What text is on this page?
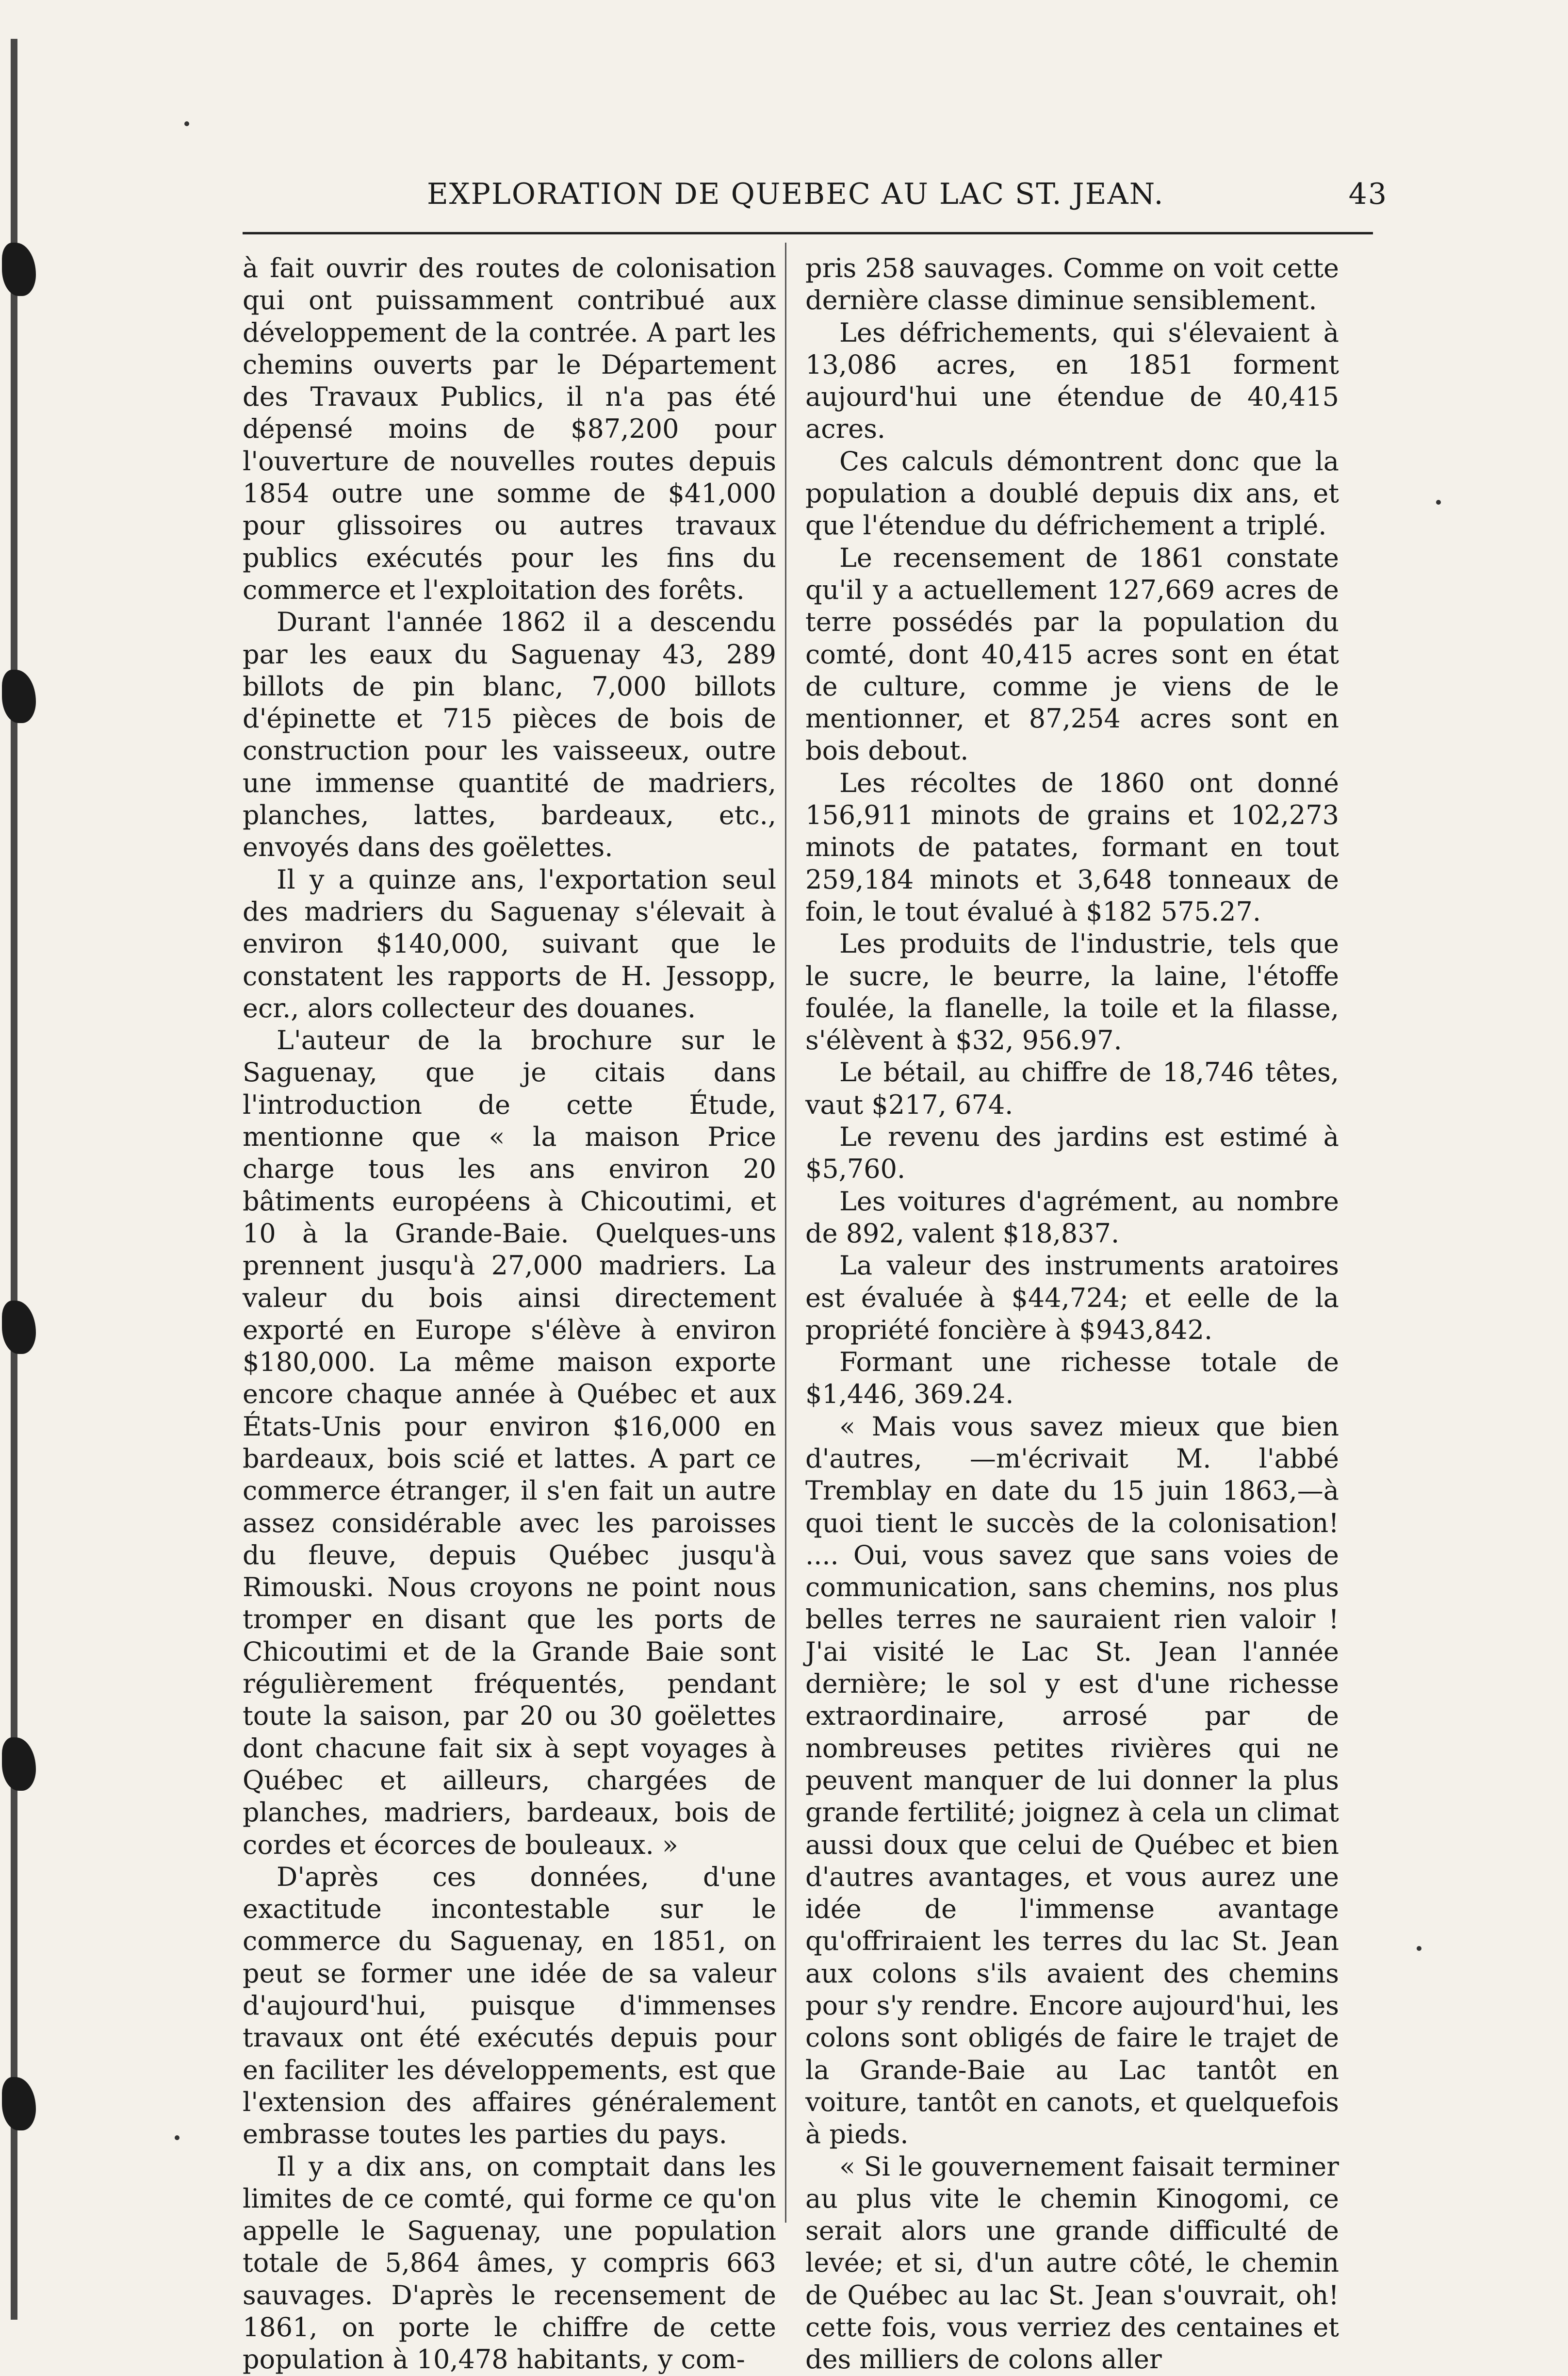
EXPLORATION DE QUEBEC AU LAC ST. JEAN.	43

à fait ouvrir des routes de colonisation qui ont puissamment contribué aux développement de la contrée. A part les chemins ouverts par le Département des Travaux Publics, il n'a pas été dépensé moins de $87,200 pour l'ouverture de nouvelles routes depuis 1854 outre une somme de $41,000 pour glissoires ou autres travaux publics exécutés pour les fins du commerce et l'exploitation des forêts.

Durant l'année 1862 il a descendu par les eaux du Saguenay 43, 289 billots de pin blanc, 7,000 billots d'épinette et 715 pièces de bois de construction pour les vaisseeux, outre une immense quantité de madriers, planches, lattes, bardeaux, etc., envoyés dans des goëlettes.

Il y a quinze ans, l'exportation seul des madriers du Saguenay s'élevait à environ $140,000, suivant que le constatent les rapports de H. Jessopp, ecr., alors collecteur des douanes.

L'auteur de la brochure sur le Saguenay, que je citais dans l'introduction de cette Étude, mentionne que « la maison Price charge tous les ans environ 20 bâtiments européens à Chicoutimi, et 10 à la Grande-Baie. Quelques-uns prennent jusqu'à 27,000 madriers. La valeur du bois ainsi directement exporté en Europe s'élève à environ $180,000. La même maison exporte encore chaque année à Québec et aux États-Unis pour environ $16,000 en bardeaux, bois scié et lattes. A part ce commerce étranger, il s'en fait un autre assez considérable avec les paroisses du fleuve, depuis Québec jusqu'à Rimouski. Nous croyons ne point nous tromper en disant que les ports de Chicoutimi et de la Grande Baie sont régulièrement fréquentés, pendant toute la saison, par 20 ou 30 goëlettes dont chacune fait six à sept voyages à Québec et ailleurs, chargées de planches, madriers, bardeaux, bois de cordes et écorces de bouleaux. »

D'après ces données, d'une exactitude incontestable sur le commerce du Saguenay, en 1851, on peut se former une idée de sa valeur d'aujourd'hui, puisque d'immenses travaux ont été exécutés depuis pour en faciliter les développements, est que l'extension des affaires généralement embrasse toutes les parties du pays.

Il y a dix ans, on comptait dans les limites de ce comté, qui forme ce qu'on appelle le Saguenay, une population totale de 5,864 âmes, y compris 663 sauvages. D'après le recensement de 1861, on porte le chiffre de cette population à 10,478 habitants, y com-

pris 258 sauvages. Comme on voit cette dernière classe diminue sensiblement.

Les défrichements, qui s'élevaient à 13,086 acres, en 1851 forment aujourd'hui une étendue de 40,415 acres.

Ces calculs démontrent donc que la population a doublé depuis dix ans, et que l'étendue du défrichement a triplé.

Le recensement de 1861 constate qu'il y a actuellement 127,669 acres de terre possédés par la population du comté, dont 40,415 acres sont en état de culture, comme je viens de le mentionner, et 87,254 acres sont en bois debout.

Les récoltes de 1860 ont donné 156,911 minots de grains et 102,273 minots de patates, formant en tout 259,184 minots et 3,648 tonneaux de foin, le tout évalué à $182 575.27.

Les produits de l'industrie, tels que le sucre, le beurre, la laine, l'étoffe foulée, la flanelle, la toile et la filasse, s'élèvent à $32, 956.97.

Le bétail, au chiffre de 18,746 têtes, vaut $217, 674.

Le revenu des jardins est estimé à $5,760.

Les voitures d'agrément, au nombre de 892, valent $18,837.

La valeur des instruments aratoires est évaluée à $44,724; et eelle de la propriété foncière à $943,842.

Formant une richesse totale de $1,446, 369.24.

« Mais vous savez mieux que bien d'autres, —m'écrivait M. l'abbé Tremblay en date du 15 juin 1863,—à quoi tient le succès de la colonisation! .... Oui, vous savez que sans voies de communication, sans chemins, nos plus belles terres ne sauraient rien valoir ! J'ai visité le Lac St. Jean l'année dernière; le sol y est d'une richesse extraordinaire, arrosé par de nombreuses petites rivières qui ne peuvent manquer de lui donner la plus grande fertilité; joignez à cela un climat aussi doux que celui de Québec et bien d'autres avantages, et vous aurez une idée de l'immense avantage qu'offriraient les terres du lac St. Jean aux colons s'ils avaient des chemins pour s'y rendre. Encore aujourd'hui, les colons sont obligés de faire le trajet de la Grande-Baie au Lac tantôt en voiture, tantôt en canots, et quelquefois à pieds.

« Si le gouvernement faisait terminer au plus vite le chemin Kinogomi, ce serait alors une grande difficulté de levée; et si, d'un autre côté, le chemin de Québec au lac St. Jean s'ouvrait, oh! cette fois, vous verriez des centaines et des milliers de colons aller
